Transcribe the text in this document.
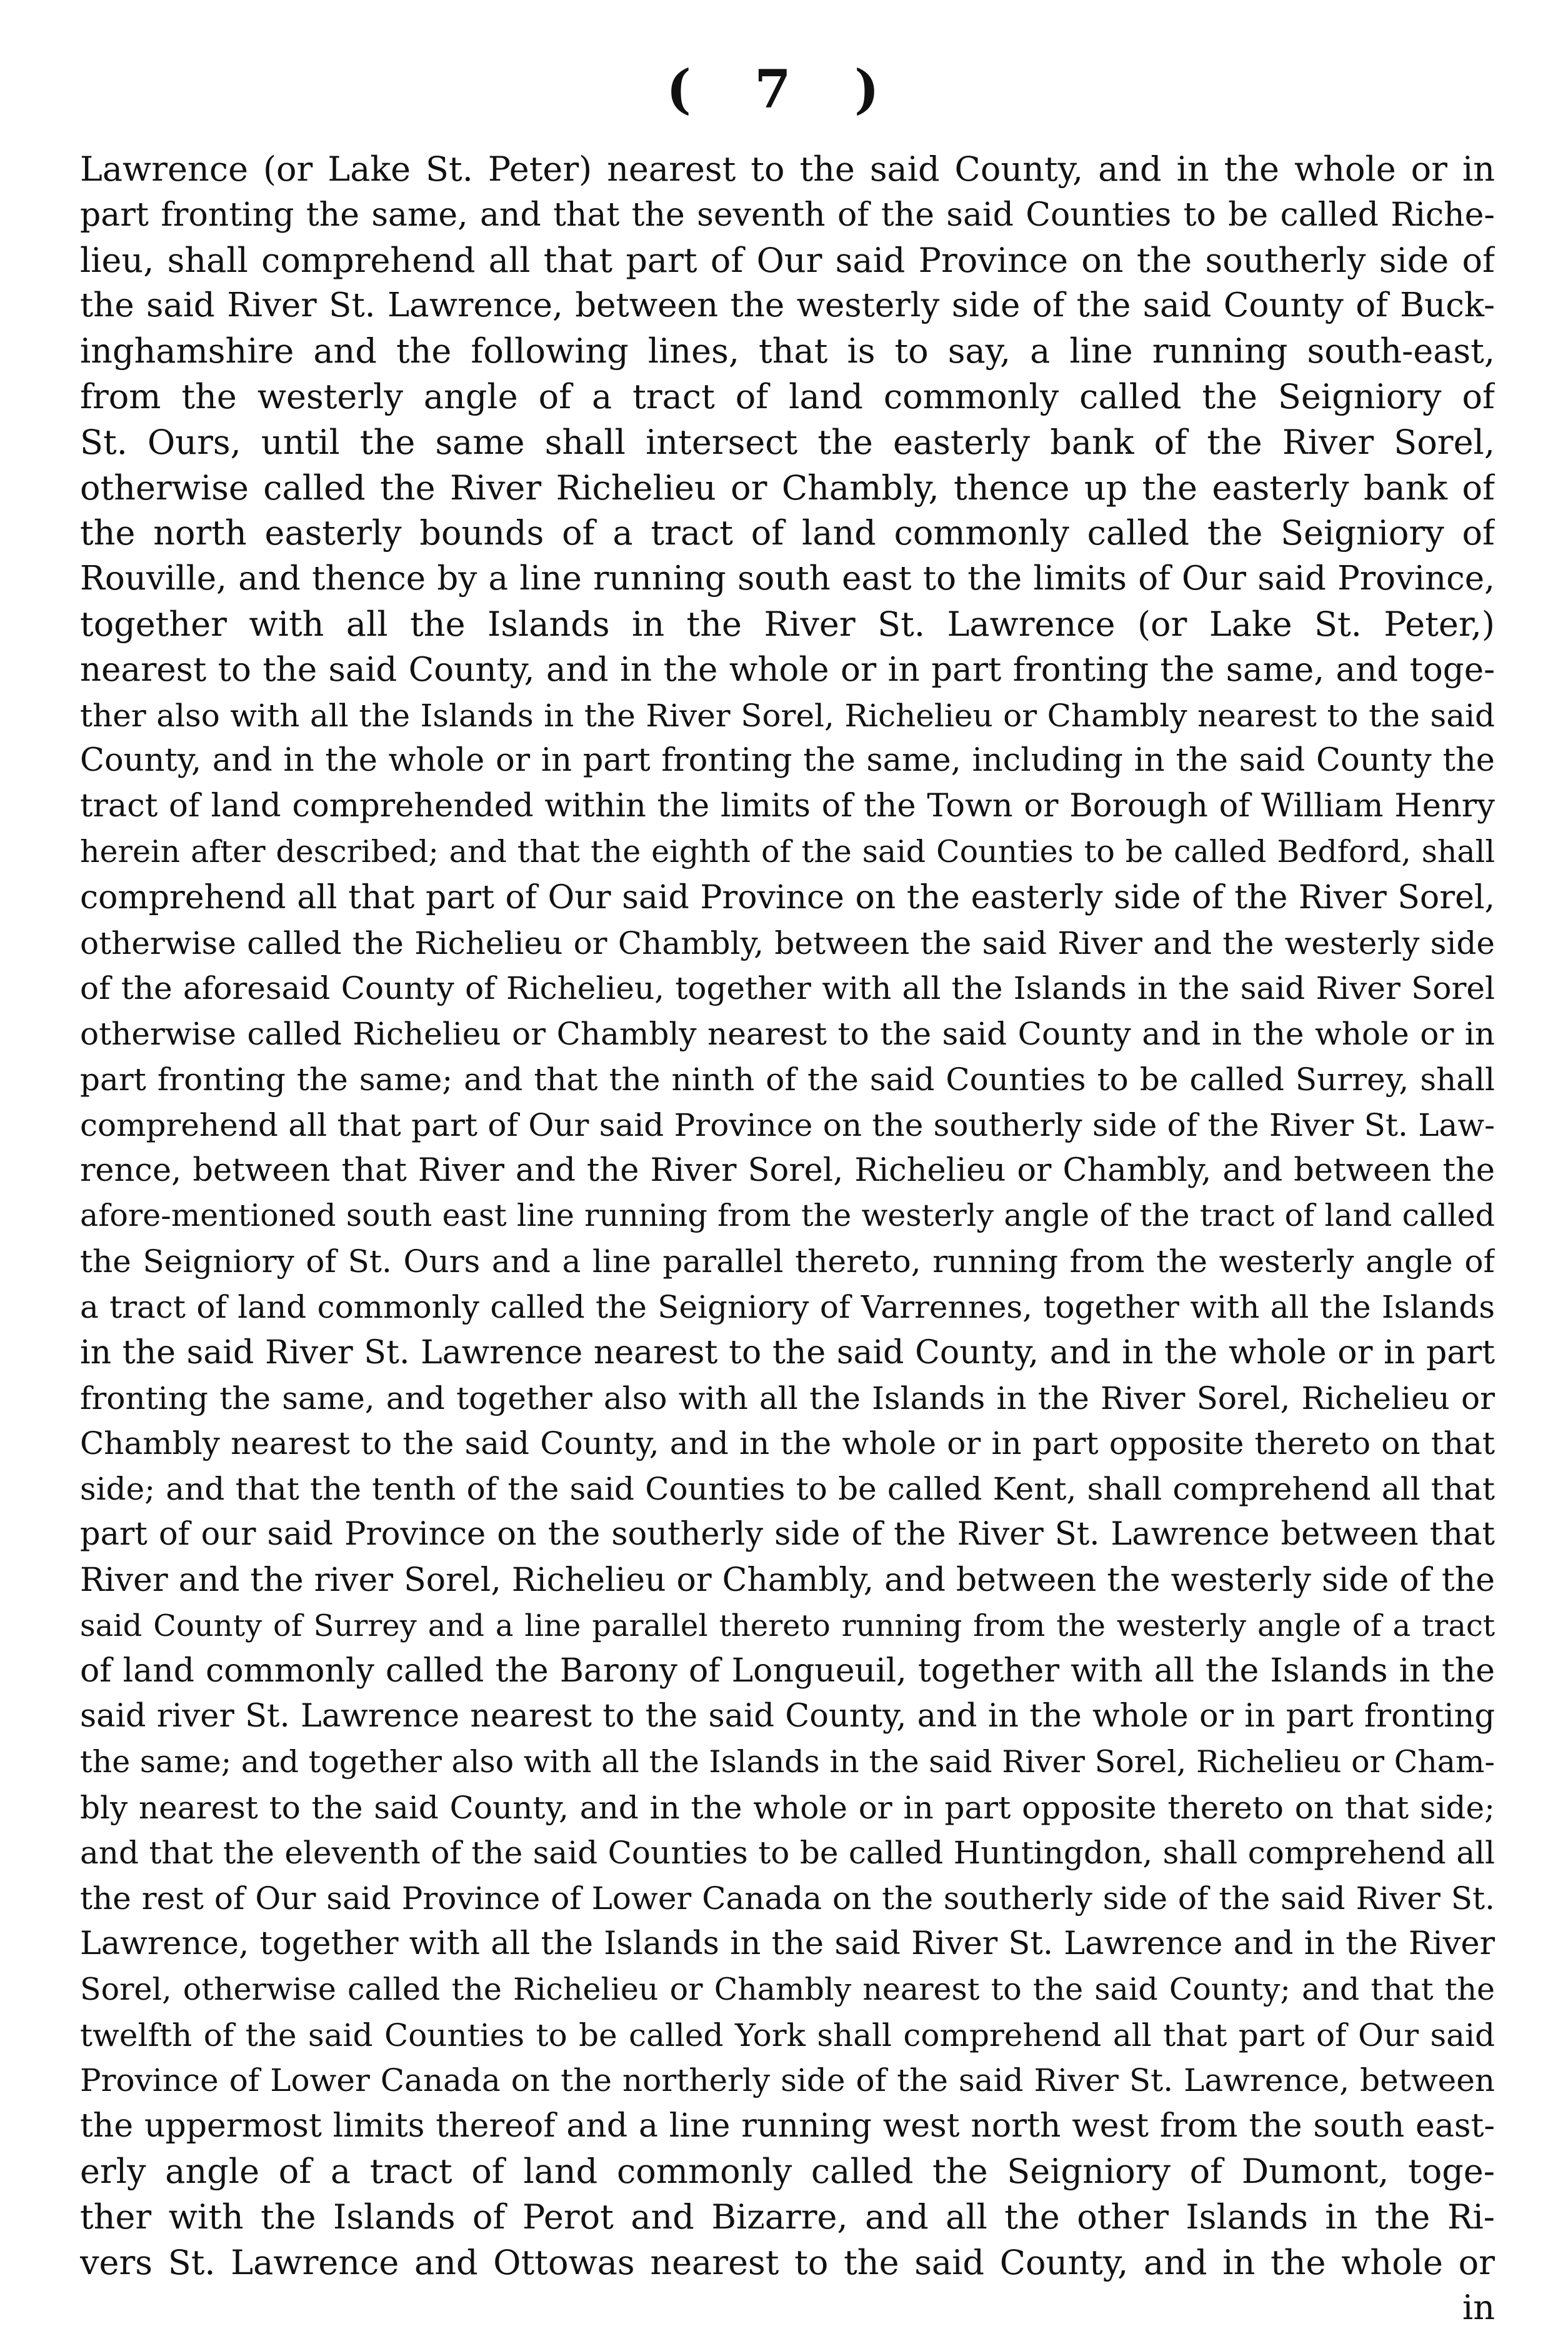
( 7 )
Lawrence (or Lake St. Peter) nearest to the said County, and in the whole or in
part fronting the same, and that the seventh of the said Counties to be called Riche-
lieu, shall comprehend all that part of Our said Province on the southerly side of
the said River St. Lawrence, between the westerly side of the said County of Buck-
inghamshire and the following lines, that is to say, a line running south-east,
from the westerly angle of a tract of land commonly called the Seigniory of
St. Ours, until the same shall intersect the easterly bank of the River Sorel,
otherwise called the River Richelieu or Chambly, thence up the easterly bank of
the north easterly bounds of a tract of land commonly called the Seigniory of
Rouville, and thence by a line running south east to the limits of Our said Province,
together with all the Islands in the River St. Lawrence (or Lake St. Peter,)
nearest to the said County, and in the whole or in part fronting the same, and toge-
ther also with all the Islands in the River Sorel, Richelieu or Chambly nearest to the said
County, and in the whole or in part fronting the same, including in the said County the
tract of land comprehended within the limits of the Town or Borough of William Henry
herein after described; and that the eighth of the said Counties to be called Bedford, shall
comprehend all that part of Our said Province on the easterly side of the River Sorel,
otherwise called the Richelieu or Chambly, between the said River and the westerly side
of the aforesaid County of Richelieu, together with all the Islands in the said River Sorel
otherwise called Richelieu or Chambly nearest to the said County and in the whole or in
part fronting the same; and that the ninth of the said Counties to be called Surrey, shall
comprehend all that part of Our said Province on the southerly side of the River St. Law-
rence, between that River and the River Sorel, Richelieu or Chambly, and between the
afore-mentioned south east line running from the westerly angle of the tract of land called
the Seigniory of St. Ours and a line parallel thereto, running from the westerly angle of
a tract of land commonly called the Seigniory of Varrennes, together with all the Islands
in the said River St. Lawrence nearest to the said County, and in the whole or in part
fronting the same, and together also with all the Islands in the River Sorel, Richelieu or
Chambly nearest to the said County, and in the whole or in part opposite thereto on that
side; and that the tenth of the said Counties to be called Kent, shall comprehend all that
part of our said Province on the southerly side of the River St. Lawrence between that
River and the river Sorel, Richelieu or Chambly, and between the westerly side of the
said County of Surrey and a line parallel thereto running from the westerly angle of a tract
of land commonly called the Barony of Longueuil, together with all the Islands in the
said river St. Lawrence nearest to the said County, and in the whole or in part fronting
the same; and together also with all the Islands in the said River Sorel, Richelieu or Cham-
bly nearest to the said County, and in the whole or in part opposite thereto on that side;
and that the eleventh of the said Counties to be called Huntingdon, shall comprehend all
the rest of Our said Province of Lower Canada on the southerly side of the said River St.
Lawrence, together with all the Islands in the said River St. Lawrence and in the River
Sorel, otherwise called the Richelieu or Chambly nearest to the said County; and that the
twelfth of the said Counties to be called York shall comprehend all that part of Our said
Province of Lower Canada on the northerly side of the said River St. Lawrence, between
the uppermost limits thereof and a line running west north west from the south east-
erly angle of a tract of land commonly called the Seigniory of Dumont, toge-
ther with the Islands of Perot and Bizarre, and all the other Islands in the Ri-
vers St. Lawrence and Ottowas nearest to the said County, and in the whole or
in
